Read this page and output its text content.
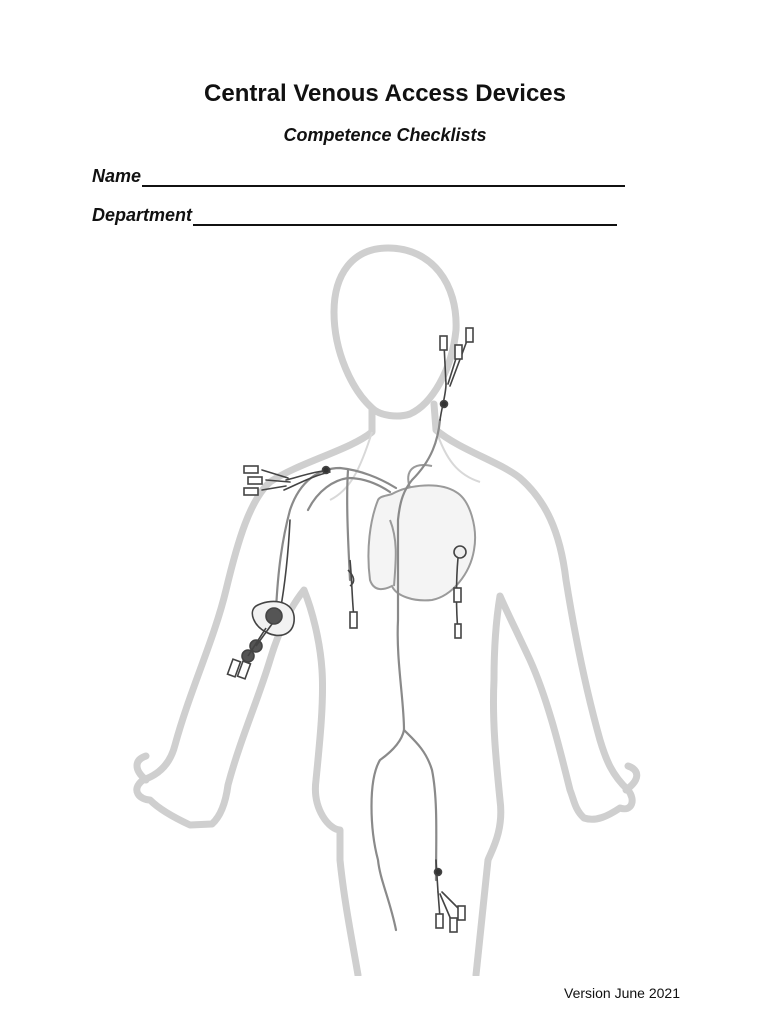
Central Venous Access Devices
Competence Checklists
Name
Department
Version June 2021
